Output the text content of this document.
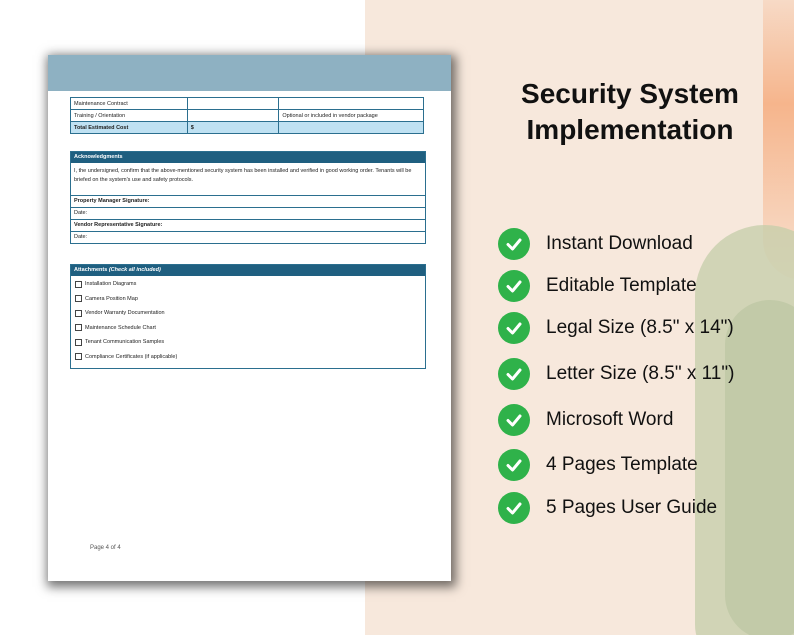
Maintenance Contract		
Training / Orientation		Optional or included in vendor package
Total Estimated Cost	$	
Acknowledgments
I, the undersigned, confirm that the above-mentioned security system has been installed and verified in good working order. Tenants will be briefed on the system's use and safety protocols.
Property Manager Signature:
Date:
Vendor Representative Signature:
Date:
Attachments (Check all included)
Installation Diagrams
Camera Position Map
Vendor Warranty Documentation
Maintenance Schedule Chart
Tenant Communication Samples
Compliance Certificates (if applicable)
Page 4 of 4
Security System
Implementation
Instant Download
Editable Template
Legal Size (8.5" x 14")
Letter Size (8.5" x 11")
Microsoft Word
4 Pages Template
5 Pages User Guide
